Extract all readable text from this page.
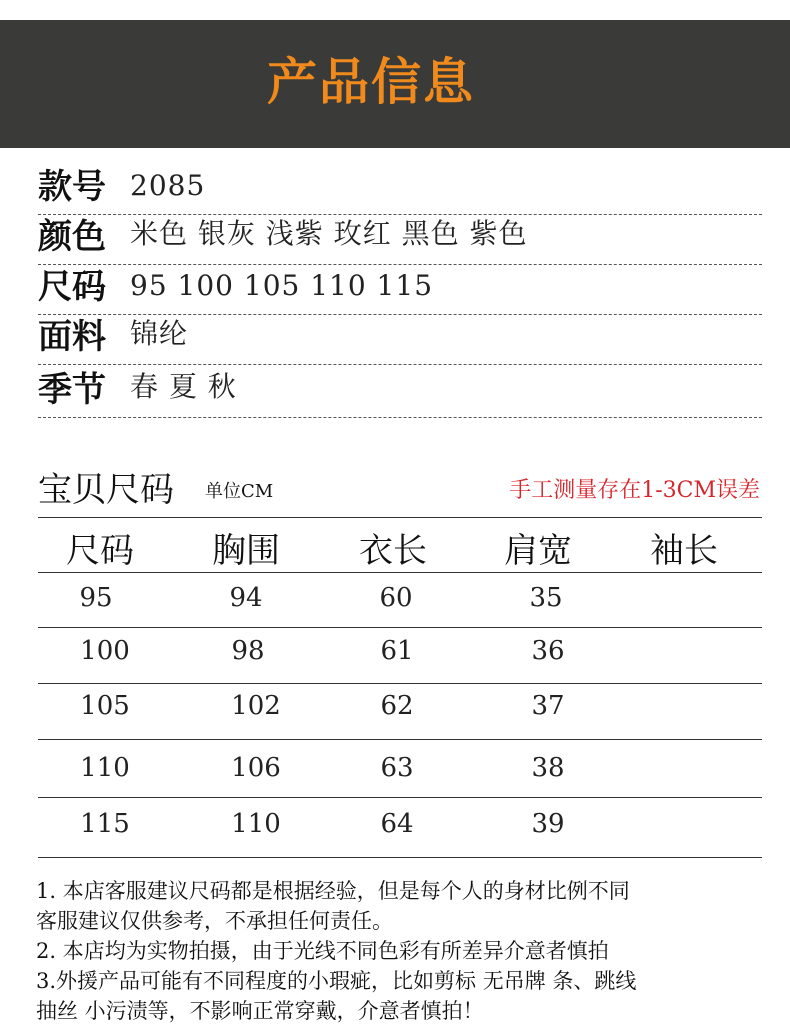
产品信息
款号 2085
颜色 米色 银灰 浅紫 玫红 黑色 紫色
尺码 95 100 105 110 115
面料 锦纶
季节 春 夏 秋
宝贝尺码 单位CM	手工测量存在1-3CM误差
尺码 胸围 衣长 肩宽 袖长
95	94	60	35
100	98	61	36
105	102	62	37
110	106	63	38
115	110	64	39
1. 本店客服建议尺码都是根据经验，但是每个人的身材比例不同
客服建议仅供参考，不承担任何责任。
2. 本店均为实物拍摄，由于光线不同色彩有所差异介意者慎拍
3.外援产品可能有不同程度的小瑕疵，比如剪标 无吊牌 条、跳线
抽丝 小污渍等，不影响正常穿戴，介意者慎拍！
